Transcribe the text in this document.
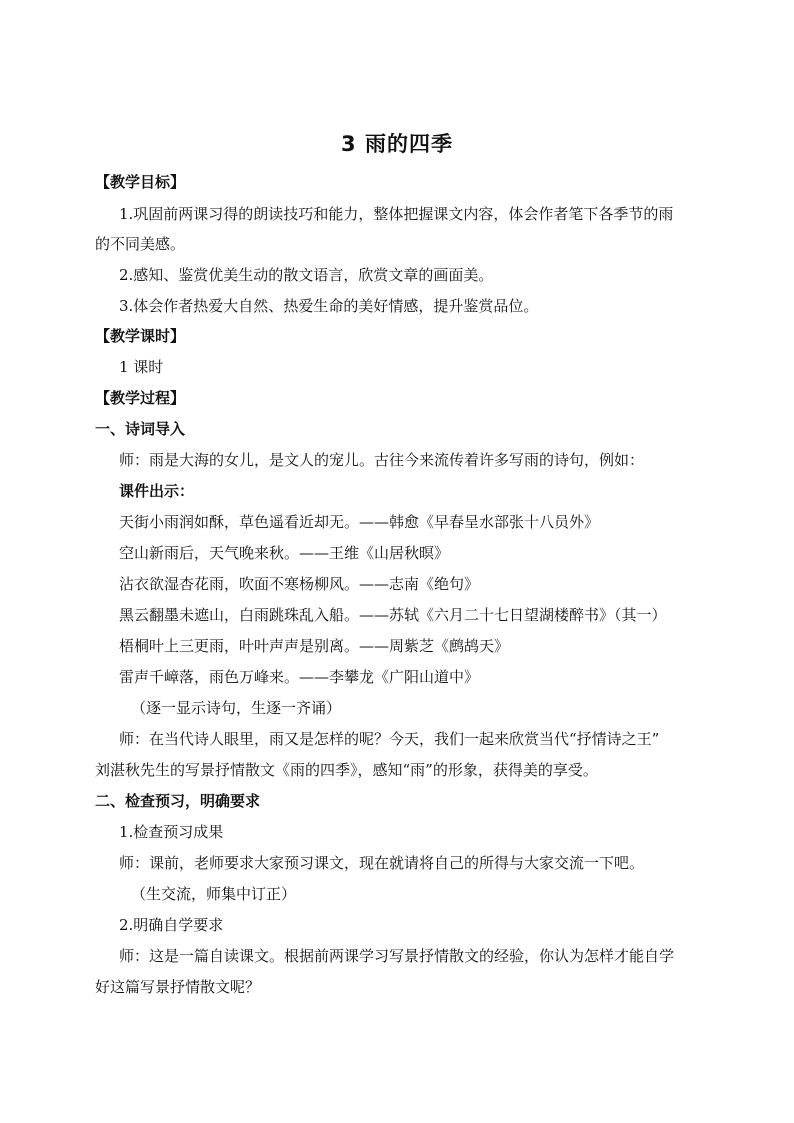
3 雨的四季
【教学目标】
1.巩固前两课习得的朗读技巧和能力，整体把握课文内容，体会作者笔下各季节的雨
的不同美感。
2.感知、鉴赏优美生动的散文语言，欣赏文章的画面美。
3.体会作者热爱大自然、热爱生命的美好情感，提升鉴赏品位。
【教学课时】
1 课时
【教学过程】
一、诗词导入
师：雨是大海的女儿，是文人的宠儿。古往今来流传着许多写雨的诗句，例如：
课件出示：
天街小雨润如酥，草色遥看近却无。——韩愈《早春呈水部张十八员外》
空山新雨后，天气晚来秋。——王维《山居秋暝》
沾衣欲湿杏花雨，吹面不寒杨柳风。——志南《绝句》
黑云翻墨未遮山，白雨跳珠乱入船。——苏轼《六月二十七日望湖楼醉书》（其一）
梧桐叶上三更雨，叶叶声声是别离。——周紫芝《鹧鸪天》
雷声千嶂落，雨色万峰来。——李攀龙《广阳山道中》
（逐一显示诗句，生逐一齐诵）
师：在当代诗人眼里，雨又是怎样的呢？今天，我们一起来欣赏当代“抒情诗之王”
刘湛秋先生的写景抒情散文《雨的四季》，感知“雨”的形象，获得美的享受。
二、检查预习，明确要求
1.检查预习成果
师：课前，老师要求大家预习课文，现在就请将自己的所得与大家交流一下吧。
（生交流，师集中订正）
2.明确自学要求
师：这是一篇自读课文。根据前两课学习写景抒情散文的经验，你认为怎样才能自学
好这篇写景抒情散文呢？
